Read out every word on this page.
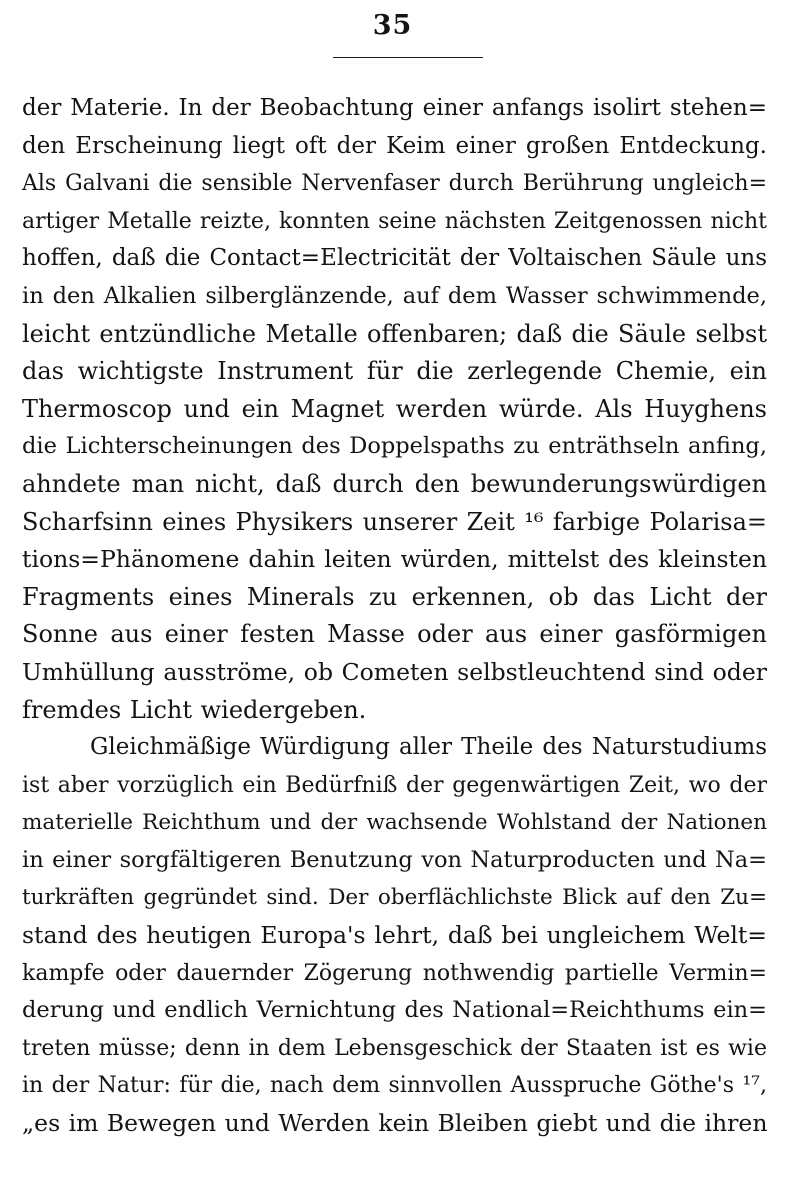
35
der Materie. In der Beobachtung einer anfangs isolirt stehen=
den Erscheinung liegt oft der Keim einer großen Entdeckung.
Als Galvani die sensible Nervenfaser durch Berührung ungleich=
artiger Metalle reizte, konnten seine nächsten Zeitgenossen nicht
hoffen, daß die Contact=Electricität der Voltaischen Säule uns
in den Alkalien silberglänzende, auf dem Wasser schwimmende,
leicht entzündliche Metalle offenbaren; daß die Säule selbst
das wichtigste Instrument für die zerlegende Chemie, ein
Thermoscop und ein Magnet werden würde. Als Huyghens
die Lichterscheinungen des Doppelspaths zu enträthseln anfing,
ahndete man nicht, daß durch den bewunderungswürdigen
Scharfsinn eines Physikers unserer Zeit ¹⁶ farbige Polarisa=
tions=Phänomene dahin leiten würden, mittelst des kleinsten
Fragments eines Minerals zu erkennen, ob das Licht der
Sonne aus einer festen Masse oder aus einer gasförmigen
Umhüllung ausströme, ob Cometen selbstleuchtend sind oder
fremdes Licht wiedergeben.
Gleichmäßige Würdigung aller Theile des Naturstudiums
ist aber vorzüglich ein Bedürfniß der gegenwärtigen Zeit, wo der
materielle Reichthum und der wachsende Wohlstand der Nationen
in einer sorgfältigeren Benutzung von Naturproducten und Na=
turkräften gegründet sind. Der oberflächlichste Blick auf den Zu=
stand des heutigen Europa's lehrt, daß bei ungleichem Welt=
kampfe oder dauernder Zögerung nothwendig partielle Vermin=
derung und endlich Vernichtung des National=Reichthums ein=
treten müsse; denn in dem Lebensgeschick der Staaten ist es wie
in der Natur: für die, nach dem sinnvollen Ausspruche Göthe's ¹⁷,
„es im Bewegen und Werden kein Bleiben giebt und die ihren
